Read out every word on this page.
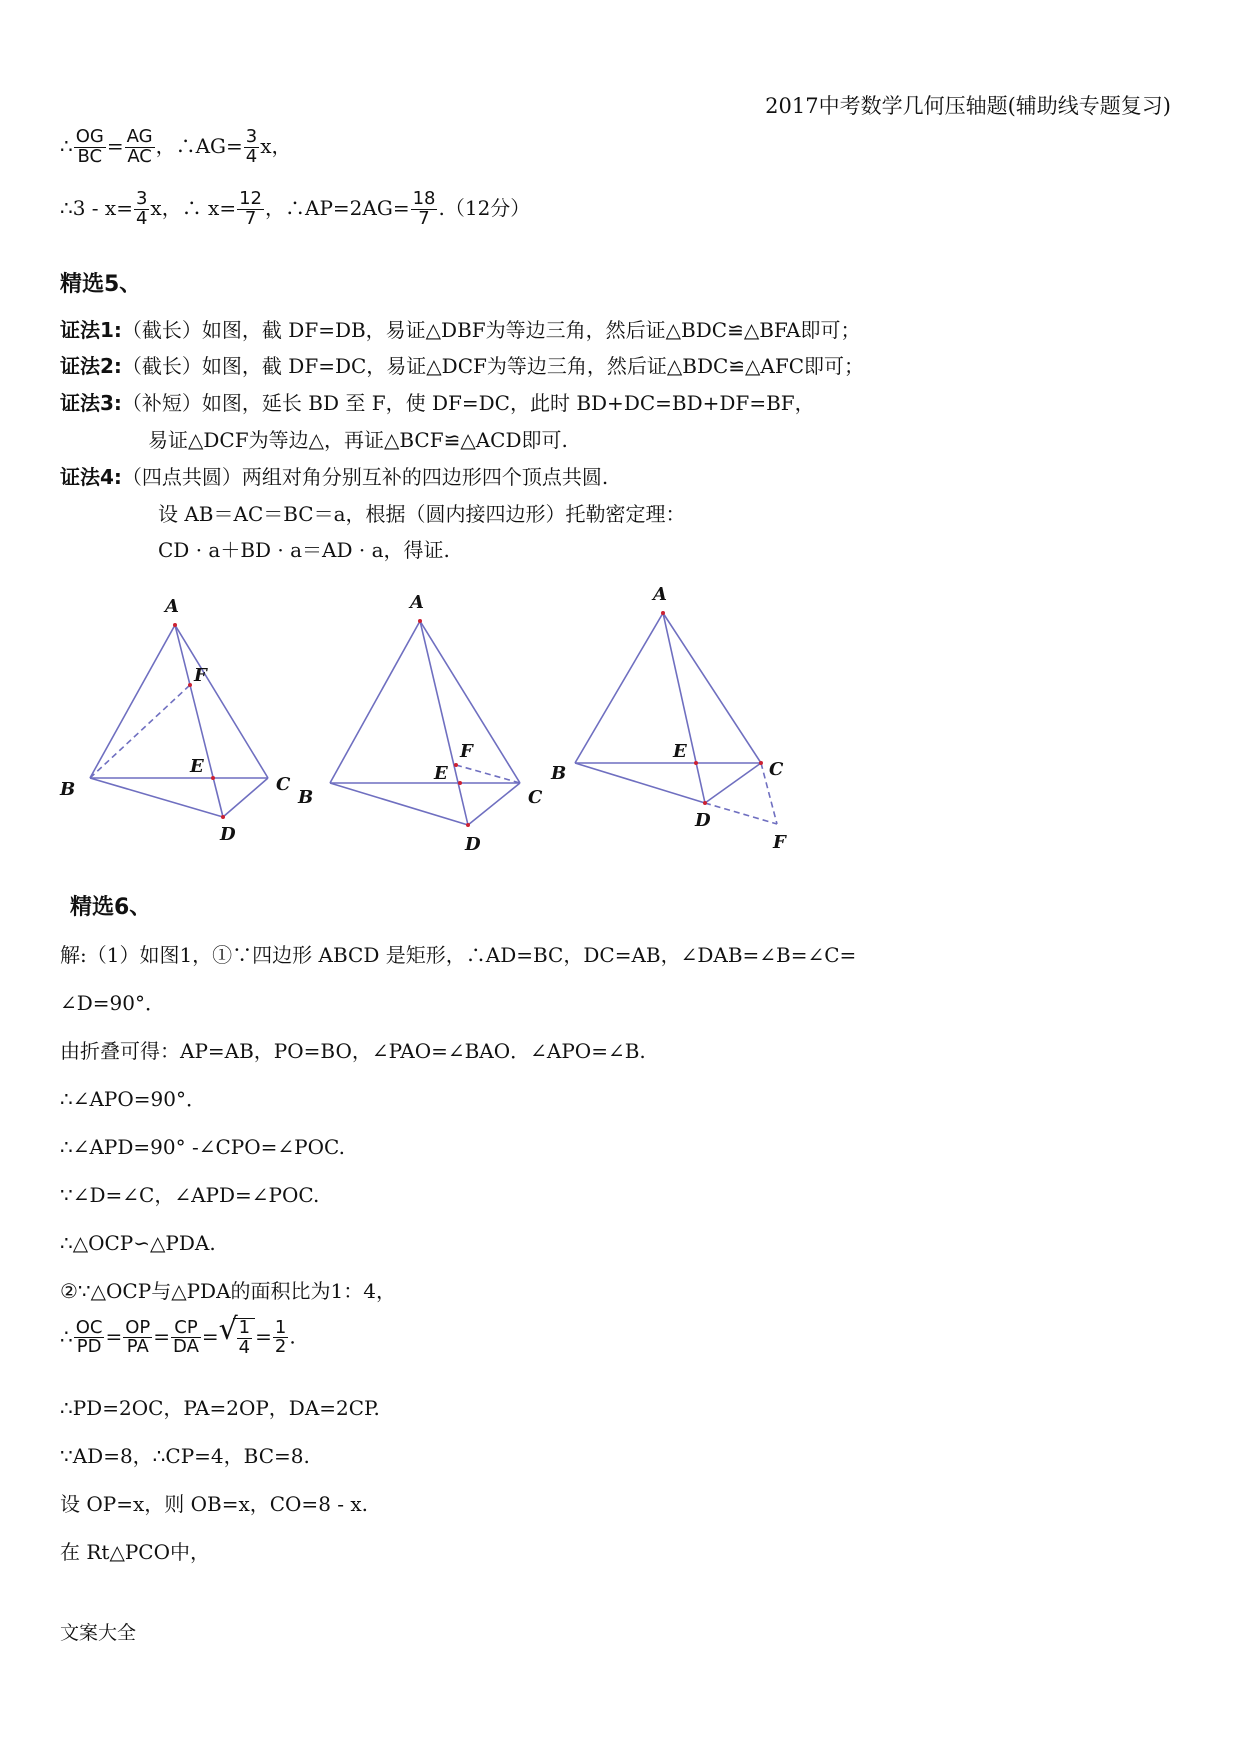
2017中考数学几何压轴题(辅助线专题复习)
∴ $\frac{OG}{BC} = \frac{AG}{AC}$ ，∴AG= $\frac{3}{4}$ x，
∴3 - $x= \frac{3}{4}$ x，∴ $x= \frac{12}{7}$ ，∴AP=2AG= $\frac{18}{7} .(12$分）
精选5、
证法1:（截长）如图，截 DF=DB，易证△DBF为等边三角，然后证△BDC≌△BFA即可；
证法2:（截长）如图，截 DF=DC，易证△DCF为等边三角，然后证△BDC≌△AFC即可；
证法3:（补短）如图，延长 BD 至 F，使 DF=DC，此时 BD+DC=BD+DF=BF，
易证△DCF为等边△，再证△BCF≌△ACD即可.
证法4:（四点共圆）两组对角分别互补的四边形四个顶点共圆.
设 AB＝AC＝BC＝a，根据（圆内接四边形）托勒密定理：
CD · a＋BD · a＝AD · a，得证.
A
F
E
B	C
D
A
F
E
B	C
D
A
E
B	C
D
F
精选6、
解:（1）如图1，①∵四边形 ABCD 是矩形，∴AD=BC，DC=AB，∠DAB=∠B=∠C=
∠D=90°．
由折叠可得：AP=AB，PO=BO，∠PAO=∠BAO．∠APO=∠B.
∴∠APO=90°．
∴∠APD=90° -∠CPO=∠POC.
∵∠D=∠C，∠APD=∠POC.
∴△OCP∽△PDA.
②∵△OCP与△PDA的面积比为1：4，
∴ $\frac{OC}{PD} = \frac{OP}{PA} = \frac{CP}{DA}$ =
√ $\frac{1}{4} = \frac{1}{2}$ .
∴PD=2OC，PA=2OP，DA=2CP.
∵AD=8，∴CP=4，BC=8.
设 OP=x，则 OB=x，CO=8 - x.
在 Rt△PCO中，
文案大全
